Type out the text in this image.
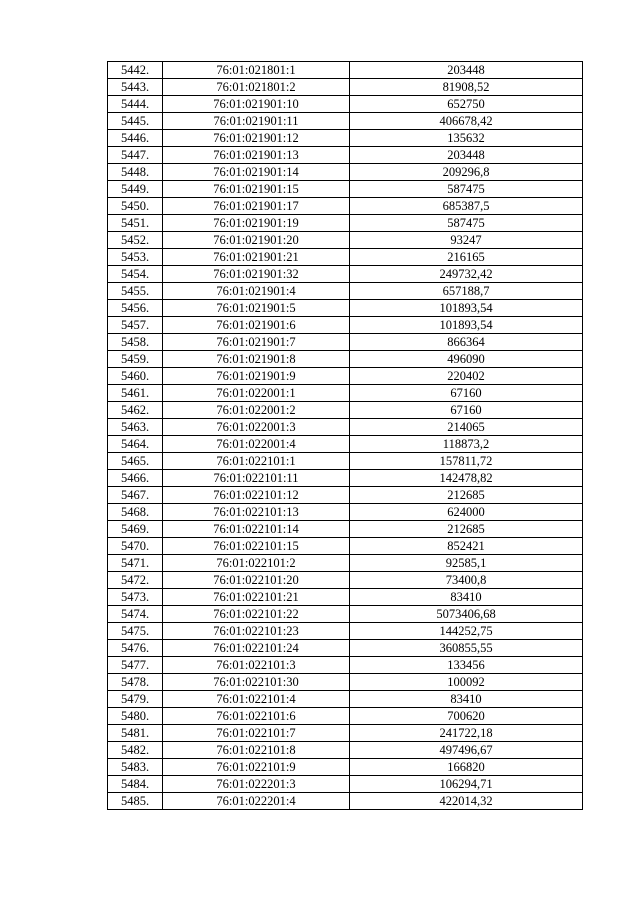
5442.	76:01:021801:1	203448
5443.	76:01:021801:2	81908,52
5444.	76:01:021901:10	652750
5445.	76:01:021901:11	406678,42
5446.	76:01:021901:12	135632
5447.	76:01:021901:13	203448
5448.	76:01:021901:14	209296,8
5449.	76:01:021901:15	587475
5450.	76:01:021901:17	685387,5
5451.	76:01:021901:19	587475
5452.	76:01:021901:20	93247
5453.	76:01:021901:21	216165
5454.	76:01:021901:32	249732,42
5455.	76:01:021901:4	657188,7
5456.	76:01:021901:5	101893,54
5457.	76:01:021901:6	101893,54
5458.	76:01:021901:7	866364
5459.	76:01:021901:8	496090
5460.	76:01:021901:9	220402
5461.	76:01:022001:1	67160
5462.	76:01:022001:2	67160
5463.	76:01:022001:3	214065
5464.	76:01:022001:4	118873,2
5465.	76:01:022101:1	157811,72
5466.	76:01:022101:11	142478,82
5467.	76:01:022101:12	212685
5468.	76:01:022101:13	624000
5469.	76:01:022101:14	212685
5470.	76:01:022101:15	852421
5471.	76:01:022101:2	92585,1
5472.	76:01:022101:20	73400,8
5473.	76:01:022101:21	83410
5474.	76:01:022101:22	5073406,68
5475.	76:01:022101:23	144252,75
5476.	76:01:022101:24	360855,55
5477.	76:01:022101:3	133456
5478.	76:01:022101:30	100092
5479.	76:01:022101:4	83410
5480.	76:01:022101:6	700620
5481.	76:01:022101:7	241722,18
5482.	76:01:022101:8	497496,67
5483.	76:01:022101:9	166820
5484.	76:01:022201:3	106294,71
5485.	76:01:022201:4	422014,32
